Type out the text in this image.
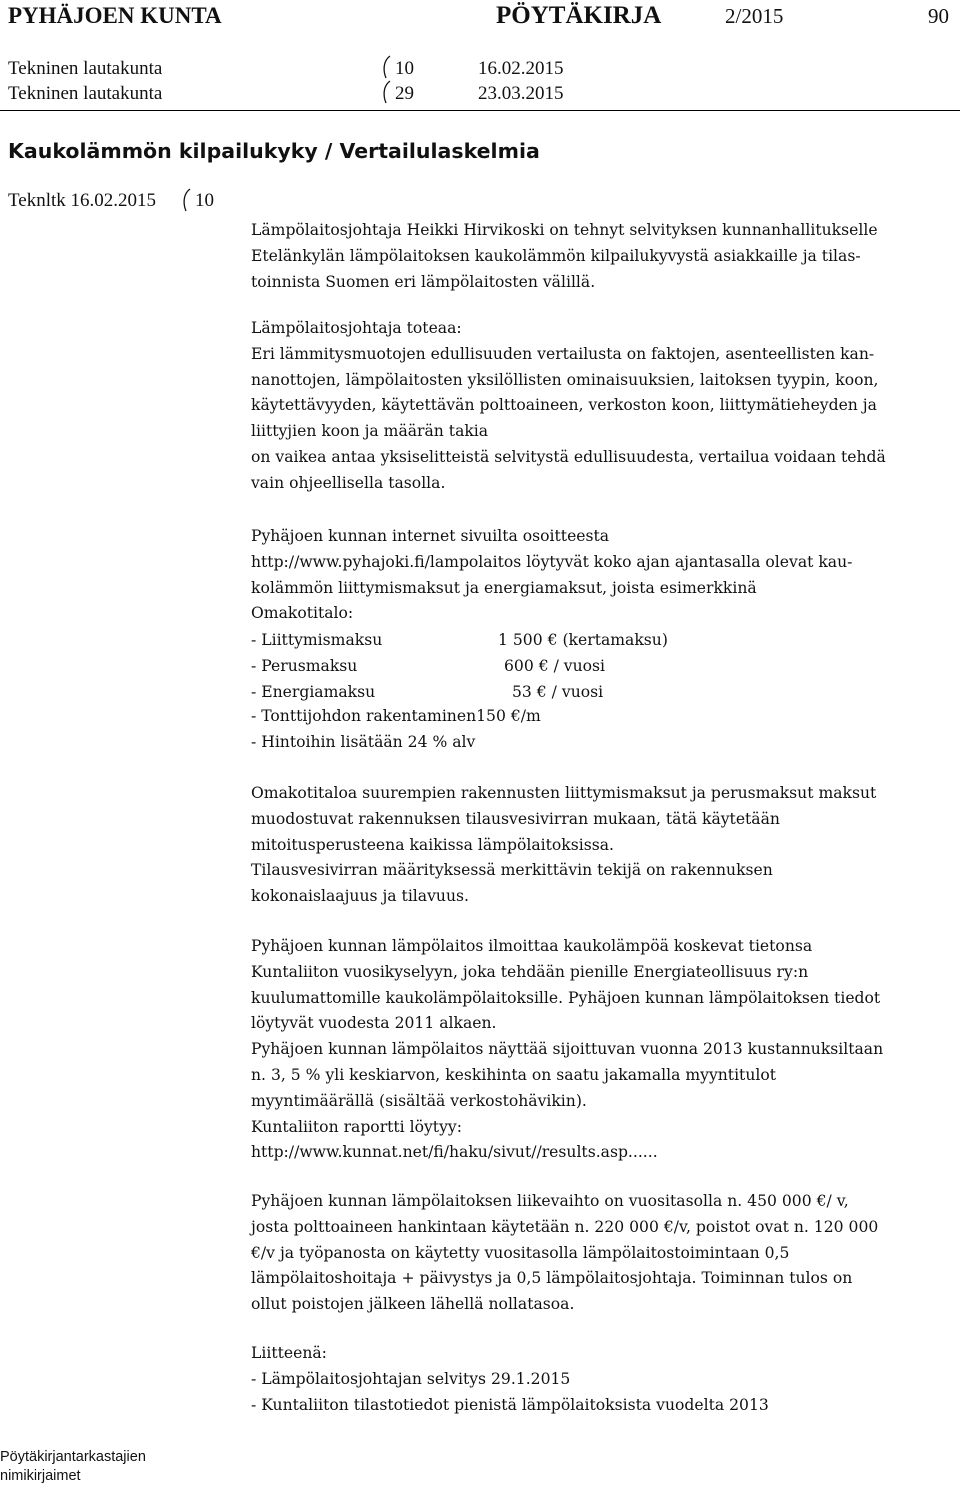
PYHÄJOEN KUNTA	PÖYTÄKIRJA	2/2015	90
Tekninen lautakunta	10	16.02.2015
Tekninen lautakunta	29	23.03.2015
Kaukolämmön kilpailukyky / Vertailulaskelmia
Teknltk 16.02.2015 10
Lämpölaitosjohtaja Heikki Hirvikoski on tehnyt selvityksen kunnanhallitukselle
Etelänkylän lämpölaitoksen kaukolämmön kilpailukyvystä asiakkaille ja tilas-
toinnista Suomen eri lämpölaitosten välillä.
Lämpölaitosjohtaja toteaa:
Eri lämmitysmuotojen edullisuuden vertailusta on faktojen, asenteellisten kan-
nanottojen, lämpölaitosten yksilöllisten ominaisuuksien, laitoksen tyypin, koon,
käytettävyyden, käytettävän polttoaineen, verkoston koon, liittymätieheyden ja
liittyjien koon ja määrän takia
on vaikea antaa yksiselitteistä selvitystä edullisuudesta, vertailua voidaan tehdä
vain ohjeellisella tasolla.
Pyhäjoen kunnan internet sivuilta osoitteesta
http://www.pyhajoki.fi/lampolaitos löytyvät koko ajan ajantasalla olevat kau-
kolämmön liittymismaksut ja energiamaksut, joista esimerkkinä
Omakotitalo:
- Liittymismaksu	1 500 € (kertamaksu)
- Perusmaksu	600 € / vuosi
- Energiamaksu	53 € / vuosi
- Tonttijohdon rakentaminen150 €/m
- Hintoihin lisätään 24 % alv
Omakotitaloa suurempien rakennusten liittymismaksut ja perusmaksut maksut
muodostuvat rakennuksen tilausvesivirran mukaan, tätä käytetään
mitoitusperusteena kaikissa lämpölaitoksissa.
Tilausvesivirran määrityksessä merkittävin tekijä on rakennuksen
kokonaislaajuus ja tilavuus.
Pyhäjoen kunnan lämpölaitos ilmoittaa kaukolämpöä koskevat tietonsa
Kuntaliiton vuosikyselyyn, joka tehdään pienille Energiateollisuus ry:n
kuulumattomille kaukolämpölaitoksille. Pyhäjoen kunnan lämpölaitoksen tiedot
löytyvät vuodesta 2011 alkaen.
Pyhäjoen kunnan lämpölaitos näyttää sijoittuvan vuonna 2013 kustannuksiltaan
n. 3, 5 % yli keskiarvon, keskihinta on saatu jakamalla myyntitulot
myyntimäärällä (sisältää verkostohävikin).
Kuntaliiton raportti löytyy:
http://www.kunnat.net/fi/haku/sivut//results.asp......
Pyhäjoen kunnan lämpölaitoksen liikevaihto on vuositasolla n. 450 000 €/ v,
josta polttoaineen hankintaan käytetään n. 220 000 €/v, poistot ovat n. 120 000
€/v ja työpanosta on käytetty vuositasolla lämpölaitostoimintaan 0,5
lämpölaitoshoitaja + päivystys ja 0,5 lämpölaitosjohtaja. Toiminnan tulos on
ollut poistojen jälkeen lähellä nollatasoa.
Liitteenä:
- Lämpölaitosjohtajan selvitys 29.1.2015
- Kuntaliiton tilastotiedot pienistä lämpölaitoksista vuodelta 2013
Pöytäkirjantarkastajien
nimikirjaimet
